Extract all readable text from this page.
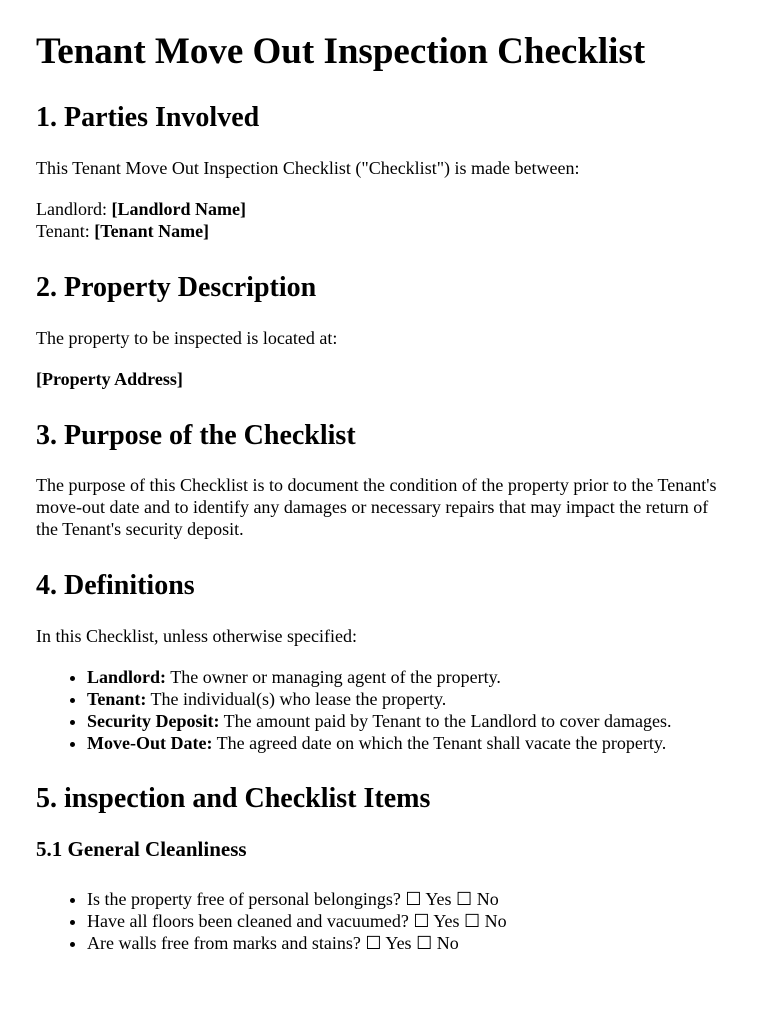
Tenant Move Out Inspection Checklist
1. Parties Involved

This Tenant Move Out Inspection Checklist ("Checklist") is made between:

Landlord: [Landlord Name]
Tenant: [Tenant Name]

2. Property Description

The property to be inspected is located at:

[Property Address]

3. Purpose of the Checklist

The purpose of this Checklist is to document the condition of the property prior to the Tenant's move-out date and to identify any damages or necessary repairs that may impact the return of the Tenant's security deposit.

4. Definitions

In this Checklist, unless otherwise specified:

• Landlord: The owner or managing agent of the property.
• Tenant: The individual(s) who lease the property.
• Security Deposit: The amount paid by Tenant to the Landlord to cover damages.
• Move-Out Date: The agreed date on which the Tenant shall vacate the property.
5. inspection and Checklist Items
5.1 General Cleanliness
• Is the property free of personal belongings? ☐ Yes ☐ No
• Have all floors been cleaned and vacuumed? ☐ Yes ☐ No
• Are walls free from marks and stains? ☐ Yes ☐ No
